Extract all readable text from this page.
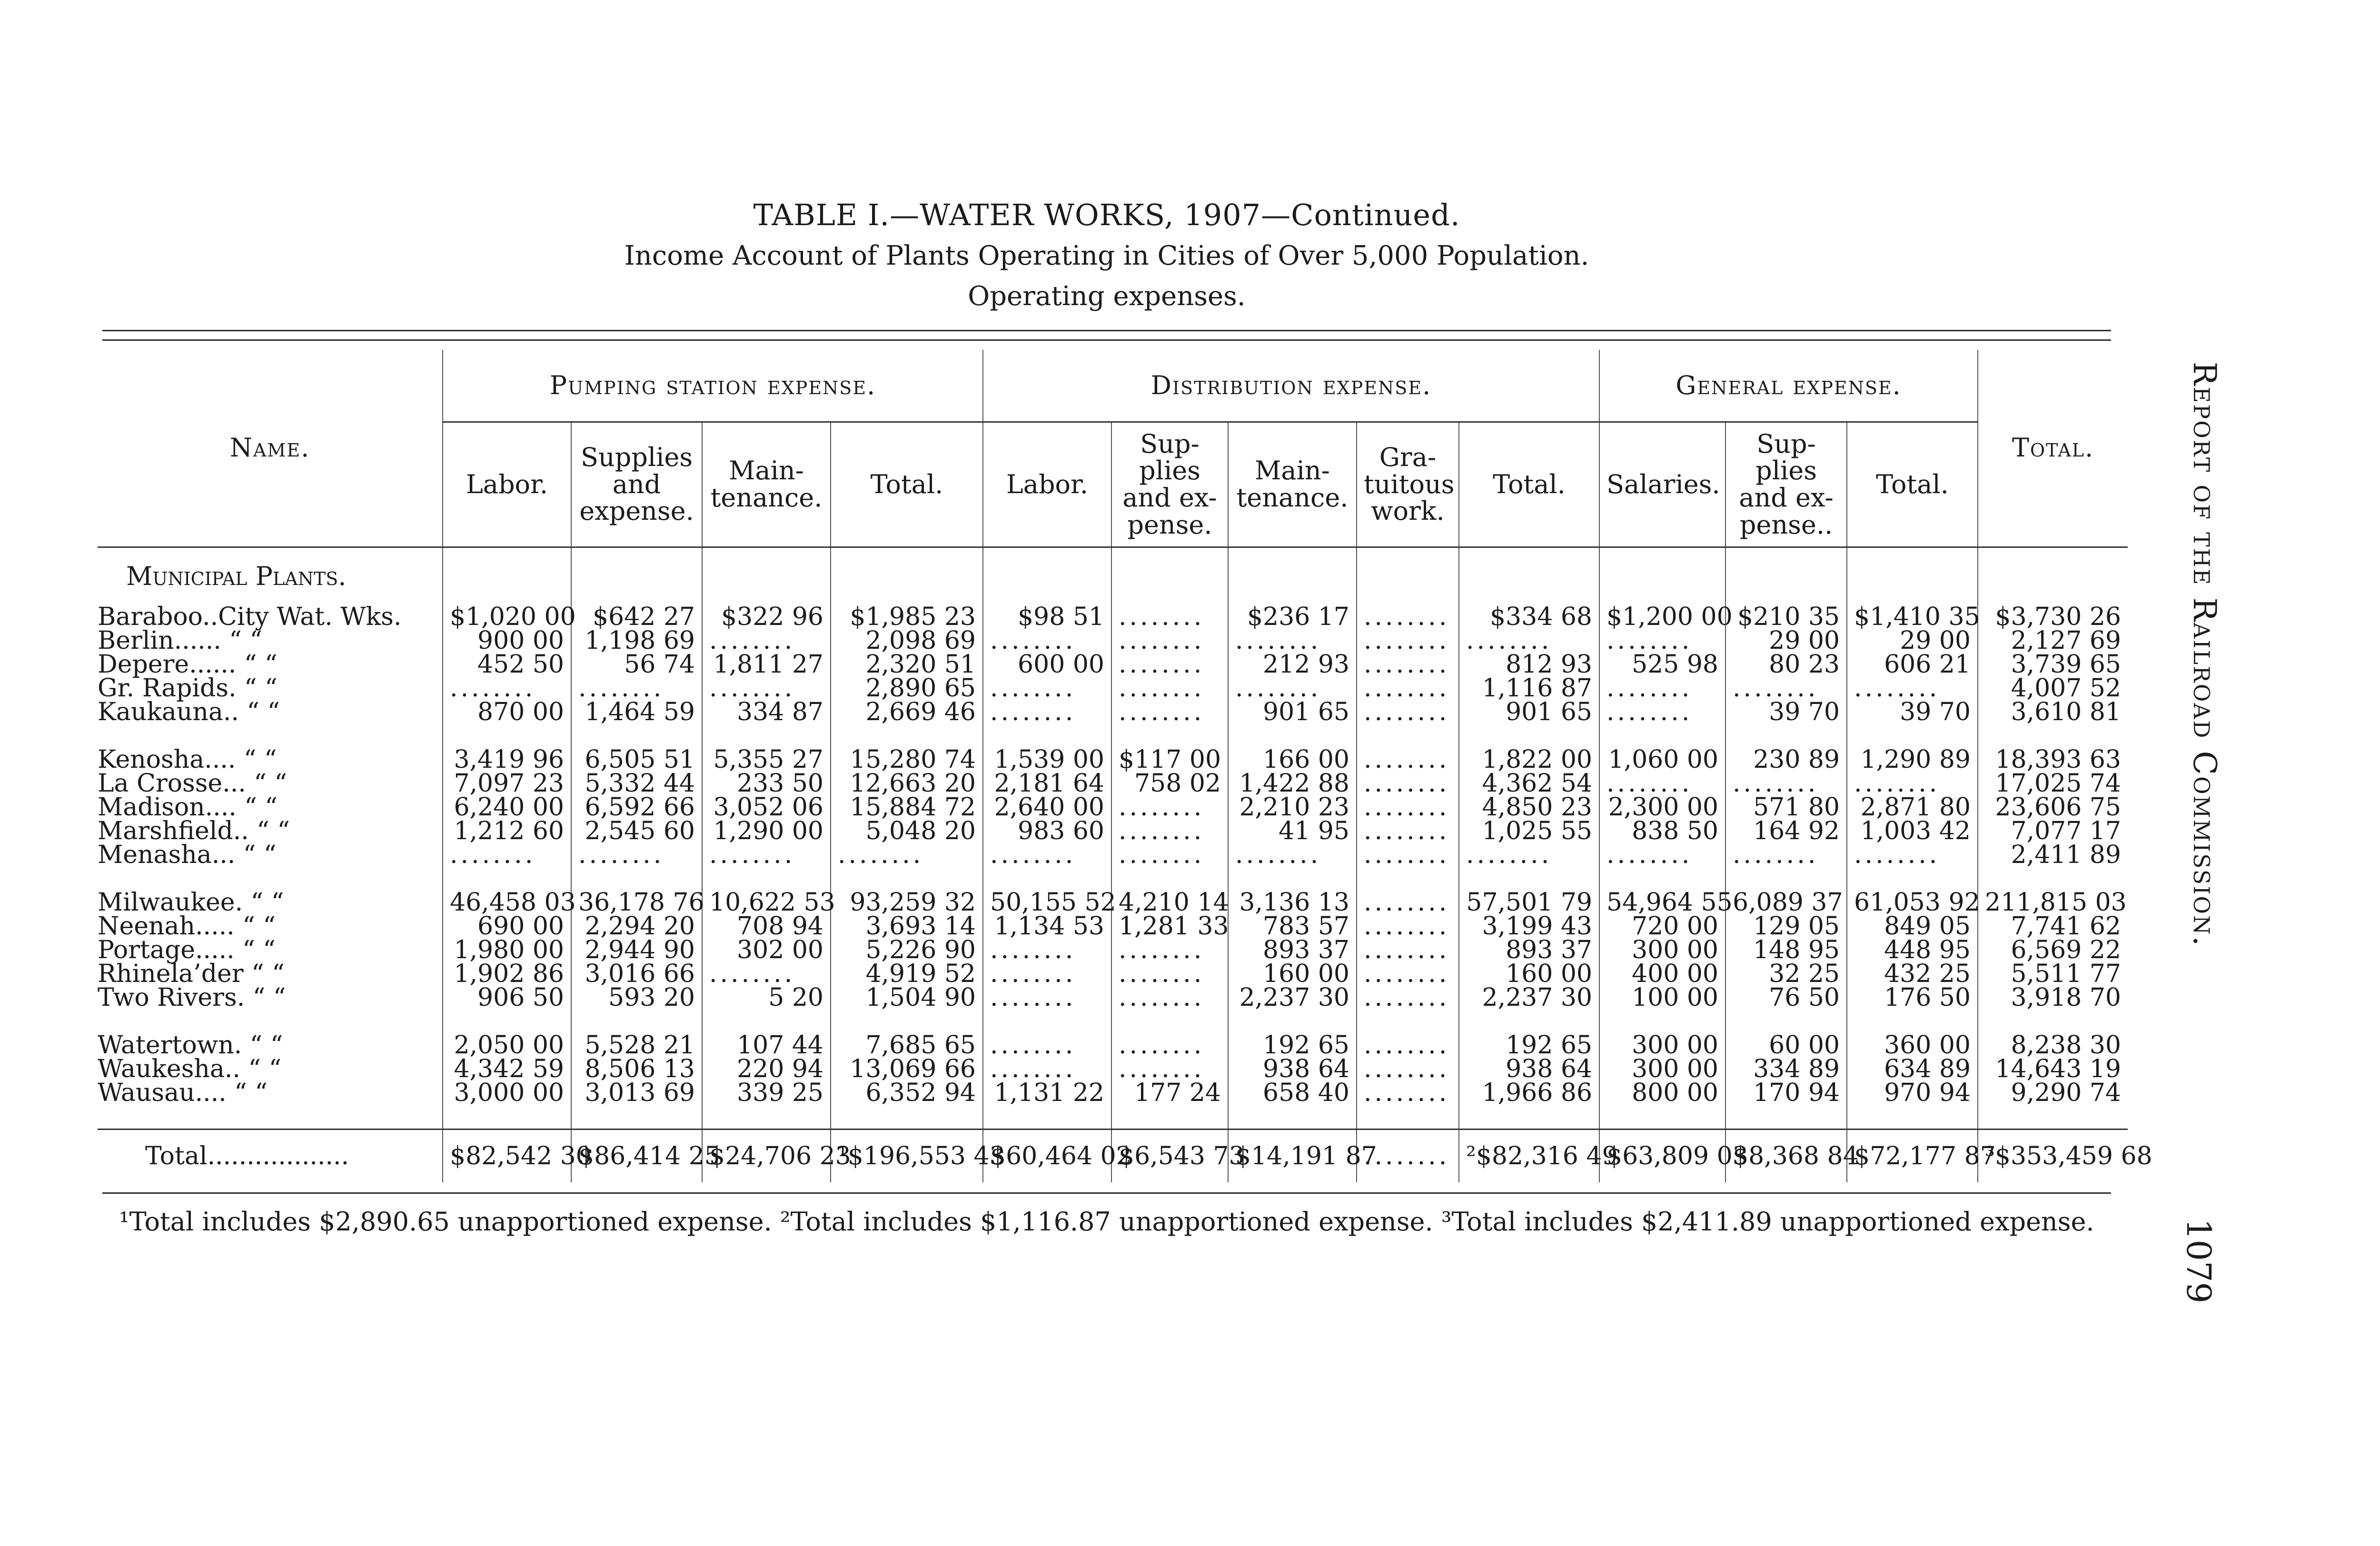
TABLE I.—WATER WORKS, 1907—Continued.
Income Account of Plants Operating in Cities of Over 5,000 Population.
Operating expenses.
Name.	Pumping station expense.				Distribution expense.					General expense.			Total.
	Labor.	Supplies and expense.	Main-tenance.	Total.	Labor.	Sup-plies and ex-pense.	Main-tenance.	Gra-tuitous work.	Total.	Salaries.	Sup-plies and ex-pense..	Total.	
Municipal Plants.													
Baraboo..City Wat. Wks.	$1,020 00	$642 27	$322 96	$1,985 23	$98 51	........	$236 17	........	$334 68	$1,200 00	$210 35	$1,410 35	$3,730 26
Berlin...... “ “	900 00	1,198 69	........	2,098 69	........	........	........	........	........	........	29 00	29 00	2,127 69
Depere...... “ “	452 50	56 74	1,811 27	2,320 51	600 00	........	212 93	........	812 93	525 98	80 23	606 21	3,739 65
Gr. Rapids. “ “	........	........	........	2,890 65	........	........	........	........	1,116 87	........	........	........	4,007 52
Kaukauna.. “ “	870 00	1,464 59	334 87	2,669 46	........	........	901 65	........	901 65	........	39 70	39 70	3,610 81

Kenosha.... “ “	3,419 96	6,505 51	5,355 27	15,280 74	1,539 00	$117 00	166 00	........	1,822 00	1,060 00	230 89	1,290 89	18,393 63
La Crosse... “ “	7,097 23	5,332 44	233 50	12,663 20	2,181 64	758 02	1,422 88	........	4,362 54	........	........	........	17,025 74
Madison.... “ “	6,240 00	6,592 66	3,052 06	15,884 72	2,640 00	........	2,210 23	........	4,850 23	2,300 00	571 80	2,871 80	23,606 75
Marshfield.. “ “	1,212 60	2,545 60	1,290 00	5,048 20	983 60	........	41 95	........	1,025 55	838 50	164 92	1,003 42	7,077 17
Menasha... “ “	........	........	........	........	........	........	........	........	........	........	........	........	2,411 89

Milwaukee. “ “	46,458 03	36,178 76	10,622 53	93,259 32	50,155 52	4,210 14	3,136 13	........	57,501 79	54,964 55	6,089 37	61,053 92	211,815 03
Neenah..... “ “	690 00	2,294 20	708 94	3,693 14	1,134 53	1,281 33	783 57	........	3,199 43	720 00	129 05	849 05	7,741 62
Portage..... “ “	1,980 00	2,944 90	302 00	5,226 90	........	........	893 37	........	893 37	300 00	148 95	448 95	6,569 22
Rhinela’der “ “	1,902 86	3,016 66	........	4,919 52	........	........	160 00	........	160 00	400 00	32 25	432 25	5,511 77
Two Rivers. “ “	906 50	593 20	5 20	1,504 90	........	........	2,237 30	........	2,237 30	100 00	76 50	176 50	3,918 70

Watertown. “ “	2,050 00	5,528 21	107 44	7,685 65	........	........	192 65	........	192 65	300 00	60 00	360 00	8,238 30
Waukesha.. “ “	4,342 59	8,506 13	220 94	13,069 66	........	........	938 64	........	938 64	300 00	334 89	634 89	14,643 19
Wausau.... “ “	3,000 00	3,013 69	339 25	6,352 94	1,131 22	177 24	658 40	........	1,966 86	800 00	170 94	970 94	9,290 74

Total..................	$82,542 30	$86,414 25	$24,706 23	¹$196,553 43	$60,464 02	$6,543 73	$14,191 87	........	²$82,316 49	$63,809 03	$8,368 84	$72,177 87	³$353,459 68
¹Total includes $2,890.65 unapportioned expense. ²Total includes $1,116.87 unapportioned expense. ³Total includes $2,411.89 unapportioned expense.
Report of the Railroad Commission.
1079
